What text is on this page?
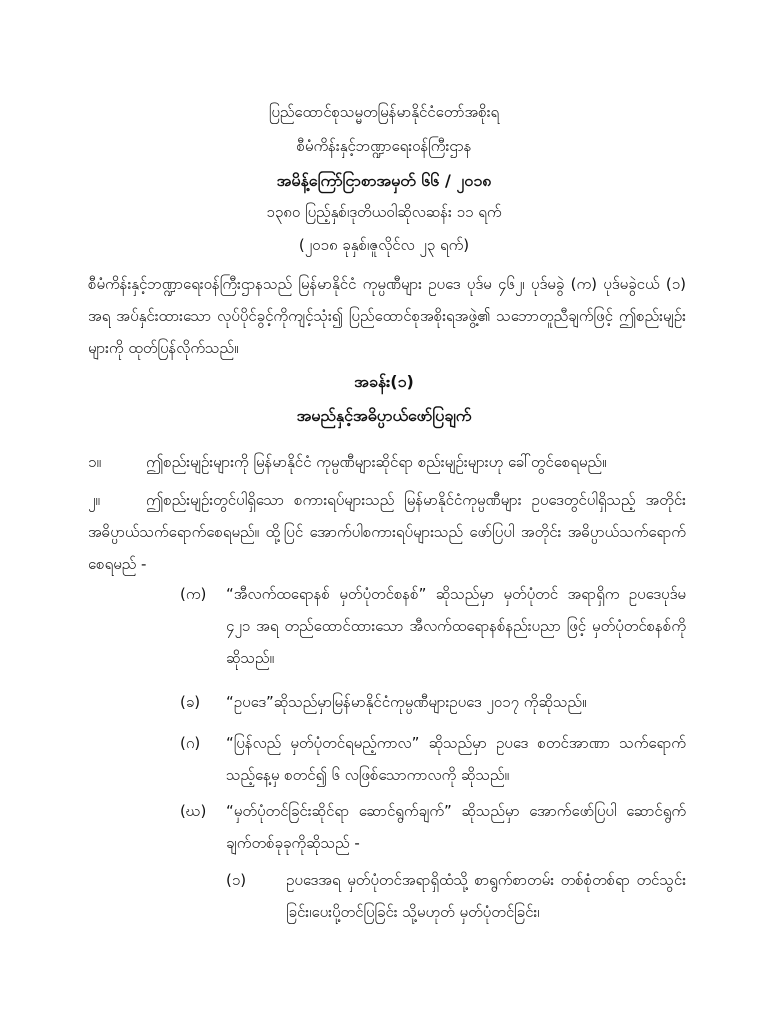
ပြည်ထောင်စုသမ္မတမြန်မာနိုင်ငံတော်အစိုးရ
စီမံကိန်းနှင့်ဘဏ္ဍာရေးဝန်ကြီးဌာန
အမိန့်ကြော်ငြာစာအမှတ် ၆၆ / ၂၀၁၈
၁၃၈၀ ပြည့်နှစ်၊ဒုတိယဝါဆိုလဆန်း ၁၁ ရက်
(၂၀၁၈ ခုနှစ်၊ဇူလိုင်လ ၂၃ ရက်)
စီမံကိန်းနှင့်ဘဏ္ဍာရေးဝန်ကြီးဌာနသည် မြန်မာနိုင်ငံ ကုမ္ပဏီများ ဥပဒေ ပုဒ်မ ၄၆၂၊ ပုဒ်မခွဲ (က) ပုဒ်မခွဲငယ် (၁) အရ အပ်နှင်းထားသော လုပ်ပိုင်ခွင့်ကိုကျင့်သုံး၍ ပြည်ထောင်စုအစိုးရအဖွဲ့၏ သဘောတူညီချက်ဖြင့် ဤစည်းမျဉ်းများကို ထုတ်ပြန်လိုက်သည်။
အခန်း(၁)
အမည်နှင့်အဓိပ္ပာယ်ဖော်ပြချက်
၁။	ဤစည်းမျဉ်းများကို မြန်မာနိုင်ငံ ကုမ္ပဏီများဆိုင်ရာ စည်းမျဉ်းများဟု ခေါ်တွင်စေရမည်။
၂။	ဤစည်းမျဉ်းတွင်ပါရှိသော စကားရပ်များသည် မြန်မာနိုင်ငံကုမ္ပဏီများ ဥပဒေတွင်ပါရှိသည့် အတိုင်း အဓိပ္ပာယ်သက်ရောက်စေရမည်။ ထို့ပြင် အောက်ပါစကားရပ်များသည် ဖော်ပြပါ အတိုင်း အဓိပ္ပာယ်သက်ရောက်စေရမည် -
(က)	“အီလက်ထရောနစ် မှတ်ပုံတင်စနစ်” ဆိုသည်မှာ မှတ်ပုံတင် အရာရှိက ဥပဒေပုဒ်မ ၄၂၁ အရ တည်ထောင်ထားသော အီလက်ထရောနစ်နည်းပညာ ဖြင့် မှတ်ပုံတင်စနစ်ကို ဆိုသည်။
(ခ)	“ဥပဒေ”ဆိုသည်မှာမြန်မာနိုင်ငံကုမ္ပဏီများဥပဒေ ၂၀၁၇ ကိုဆိုသည်။
(ဂ)	“ပြန်လည် မှတ်ပုံတင်ရမည့်ကာလ” ဆိုသည်မှာ ဥပဒေ စတင်အာဏာ သက်ရောက်သည့်နေ့မှ စတင်၍ ၆ လဖြစ်သောကာလကို ဆိုသည်။
(ဃ)	“မှတ်ပုံတင်ခြင်းဆိုင်ရာ ဆောင်ရွက်ချက်” ဆိုသည်မှာ အောက်ဖော်ပြပါ ဆောင်ရွက်ချက်တစ်ခုခုကိုဆိုသည် -
(၁)	ဥပဒေအရ မှတ်ပုံတင်အရာရှိထံသို့ စာရွက်စာတမ်း တစ်စုံတစ်ရာ တင်သွင်းခြင်း၊ပေးပို့တင်ပြခြင်း သို့မဟုတ် မှတ်ပုံတင်ခြင်း၊
